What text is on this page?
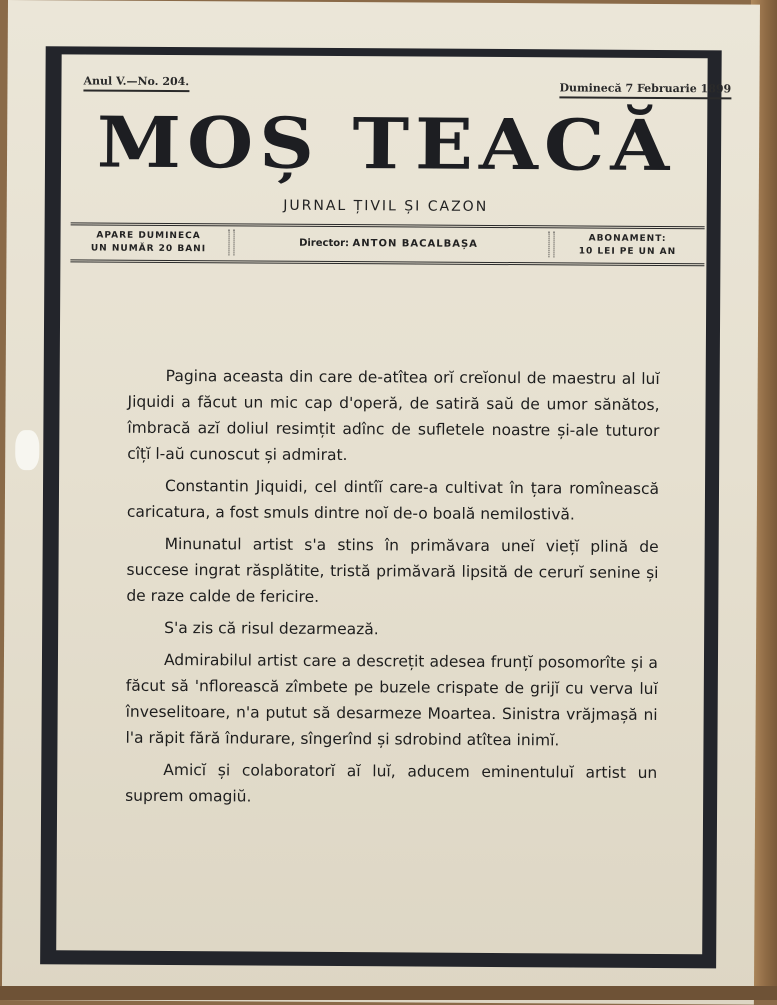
Anul V.—No. 204.
Duminecă 7 Februarie 1899
MOȘ TEACĂ
JURNAL ȚIVIL ȘI CAZON
APARE DUMINECA
UN NUMĂR 20 BANI	Director: ANTON BACALBAȘA	ABONAMENT:
10 LEI PE UN AN

Pagina aceasta din care de-atîtea orĭ creĭonul de maestru al luĭ Jiquidi a făcut un mic cap d'operă, de satiră saŭ de umor sănătos, îmbracă azĭ doliul resimțit adînc de sufletele noastre și-ale tuturor cîțĭ l-aŭ cunoscut și admirat.

Constantin Jiquidi, cel dintîĭ care-a cultivat în țara romînească caricatura, a fost smuls dintre noĭ de-o boală nemilostivă.

Minunatul artist s'a stins în primăvara uneĭ viețĭ plină de succese ingrat răsplătite, tristă primăvară lipsită de cerurĭ senine și de raze calde de fericire.

S'a zis că risul dezarmează.

Admirabilul artist care a descrețit adesea frunțĭ posomorîte și a făcut să 'nflorească zîmbete pe buzele crispate de grijĭ cu verva luĭ înveselitoare, n'a putut să desarmeze Moartea. Sinistra vrăjmașă ni l'a răpit fără îndurare, sîngerînd și sdrobind atîtea inimĭ.

Amicĭ și colaboratorĭ aĭ luĭ, aducem eminentuluĭ artist un suprem omagiŭ.
